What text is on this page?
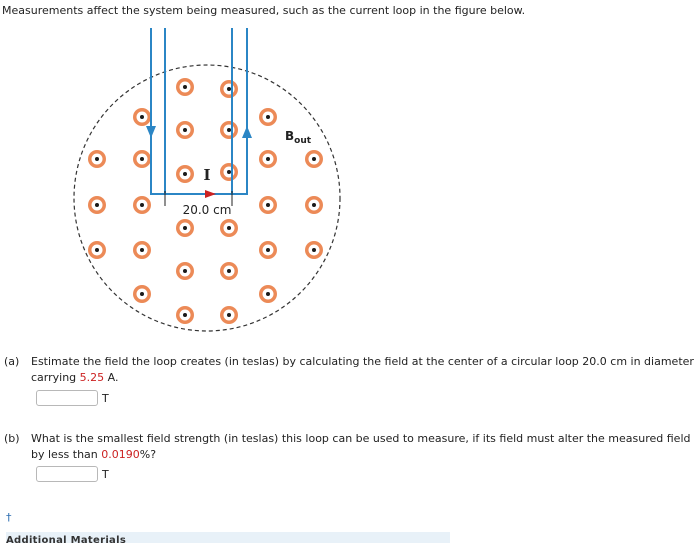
Measurements affect the system being measured, such as the current loop in the figure below.
I
20.0 cm
$B_{out}$
(a) Estimate the field the loop creates (in teslas) by calculating the field at the center of a circular loop 20.0 cm in diameter carrying 5.25 A.
T
(b) What is the smallest field strength (in teslas) this loop can be used to measure, if its field must alter the measured field by less than 0.0190%?
T
†
Additional Materials
